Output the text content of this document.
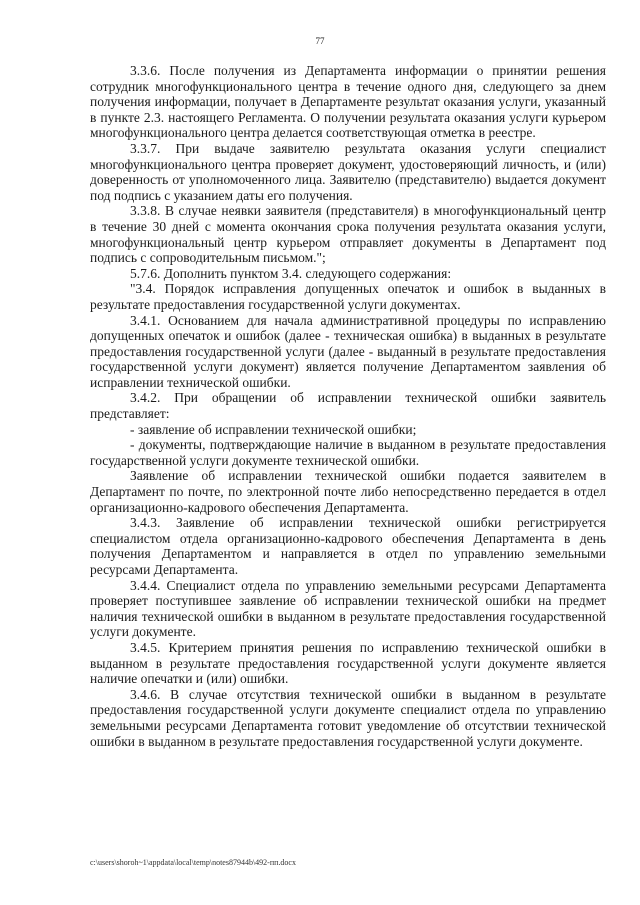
77

3.3.6. После получения из Департамента информации о принятии решения сотрудник многофункционального центра в течение одного дня, следующего за днем получения информации, получает в Департаменте результат оказания услуги, указанный в пункте 2.3. настоящего Регламента. О получении результата оказания услуги курьером многофункционального центра делается соответствующая отметка в реестре.

3.3.7. При выдаче заявителю результата оказания услуги специалист многофункционального центра проверяет документ, удостоверяющий личность, и (или) доверенность от уполномоченного лица. Заявителю (представителю) выдается документ под подпись с указанием даты его получения.

3.3.8. В случае неявки заявителя (представителя) в многофункциональный центр в течение 30 дней с момента окончания срока получения результата оказания услуги, многофункциональный центр курьером отправляет документы в Департамент под подпись с сопроводительным письмом.";

5.7.6. Дополнить пунктом 3.4. следующего содержания:

"3.4. Порядок исправления допущенных опечаток и ошибок в выданных в результате предоставления государственной услуги документах.

3.4.1. Основанием для начала административной процедуры по исправлению допущенных опечаток и ошибок (далее - техническая ошибка) в выданных в результате предоставления государственной услуги (далее - выданный в результате предоставления государственной услуги документ) является получение Департаментом заявления об исправлении технической ошибки.

3.4.2. При обращении об исправлении технической ошибки заявитель представляет:

- заявление об исправлении технической ошибки;

- документы, подтверждающие наличие в выданном в результате предоставления государственной услуги документе технической ошибки.

Заявление об исправлении технической ошибки подается заявителем в Департамент по почте, по электронной почте либо непосредственно передается в отдел организационно-кадрового обеспечения Департамента.

3.4.3. Заявление об исправлении технической ошибки регистрируется специалистом отдела организационно-кадрового обеспечения Департамента в день получения Департаментом и направляется в отдел по управлению земельными ресурсами Департамента.

3.4.4. Специалист отдела по управлению земельными ресурсами Департамента проверяет поступившее заявление об исправлении технической ошибки на предмет наличия технической ошибки в выданном в результате предоставления государственной услуги документе.

3.4.5. Критерием принятия решения по исправлению технической ошибки в выданном в результате предоставления государственной услуги документе является наличие опечатки и (или) ошибки.

3.4.6. В случае отсутствия технической ошибки в выданном в результате предоставления государственной услуги документе специалист отдела по управлению земельными ресурсами Департамента готовит уведомление об отсутствии технической ошибки в выданном в результате предоставления государственной услуги документе.

c:\users\shoroh~1\appdata\local\temp\notes87944b\492-пп.docx
